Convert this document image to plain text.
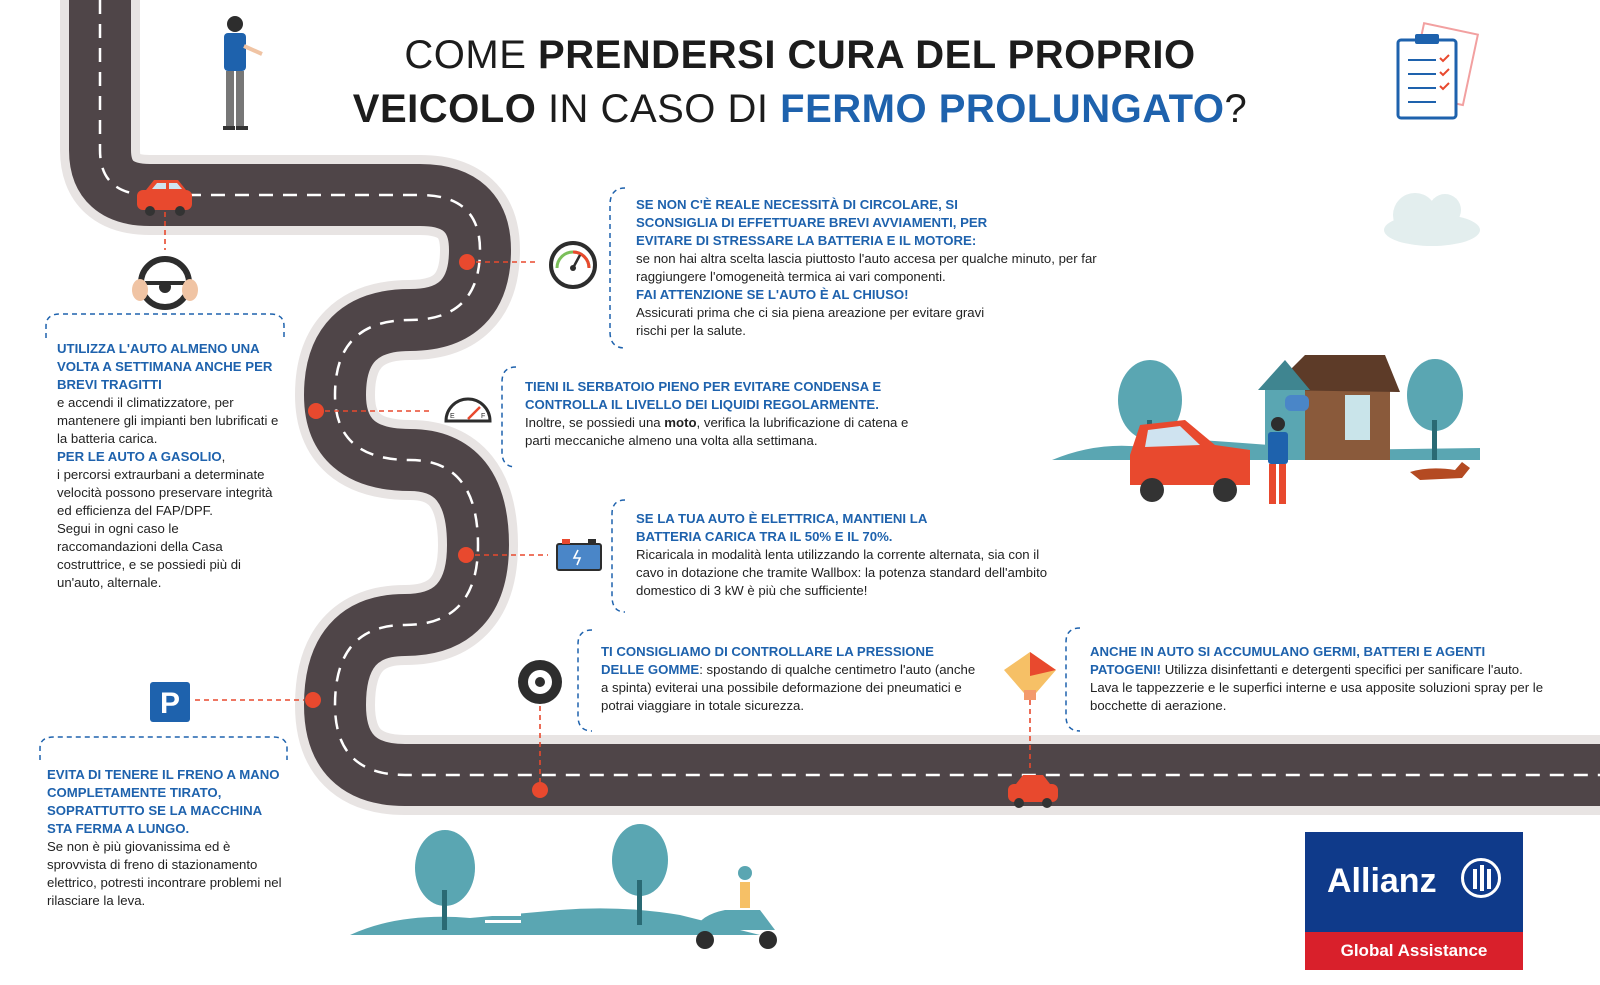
E	F
P
COME PRENDERSI CURA DEL PROPRIO
VEICOLO IN CASO DI FERMO PROLUNGATO?
UTILIZZA L'AUTO ALMENO UNA VOLTA A SETTIMANA ANCHE PER BREVI TRAGITTI
e accendi il climatizzatore, per mantenere gli impianti ben lubrificati e la batteria carica.
PER LE AUTO A GASOLIO,
i percorsi extraurbani a determinate velocità possono preservare integrità ed efficienza del FAP/DPF.
Segui in ogni caso le raccomandazioni della Casa costruttrice, e se possiedi più di un'auto, alternale.
SE NON C'È REALE NECESSITÀ DI CIRCOLARE, SI SCONSIGLIA DI EFFETTUARE BREVI AVVIAMENTI, PER EVITARE DI STRESSARE LA BATTERIA E IL MOTORE:
se non hai altra scelta lascia piuttosto l'auto accesa per qualche minuto, per far raggiungere l'omogeneità termica ai vari componenti.
FAI ATTENZIONE SE L'AUTO È AL CHIUSO!
Assicurati prima che ci sia piena areazione per evitare gravi rischi per la salute.
TIENI IL SERBATOIO PIENO PER EVITARE CONDENSA E CONTROLLA IL LIVELLO DEI LIQUIDI REGOLARMENTE.
Inoltre, se possiedi una moto, verifica la lubrificazione di catena e parti meccaniche almeno una volta alla settimana.
SE LA TUA AUTO È ELETTRICA, MANTIENI LA BATTERIA CARICA TRA IL 50% E IL 70%.
Ricaricala in modalità lenta utilizzando la corrente alternata, sia con il cavo in dotazione che tramite Wallbox: la potenza standard dell'ambito domestico di 3 kW è più che sufficiente!
TI CONSIGLIAMO DI CONTROLLARE LA PRESSIONE DELLE GOMME: spostando di qualche centimetro l'auto (anche a spinta) eviterai una possibile deformazione dei pneumatici e potrai viaggiare in totale sicurezza.
ANCHE IN AUTO SI ACCUMULANO GERMI, BATTERI E AGENTI PATOGENI! Utilizza disinfettanti e detergenti specifici per sanificare l'auto. Lava le tappezzerie e le superfici interne e usa apposite soluzioni spray per le bocchette di aerazione.
EVITA DI TENERE IL FRENO A MANO COMPLETAMENTE TIRATO, SOPRATTUTTO SE LA MACCHINA STA FERMA A LUNGO.
Se non è più giovanissima ed è sprovvista di freno di stazionamento elettrico, potresti incontrare problemi nel rilasciare la leva.
Allianz
Global Assistance
